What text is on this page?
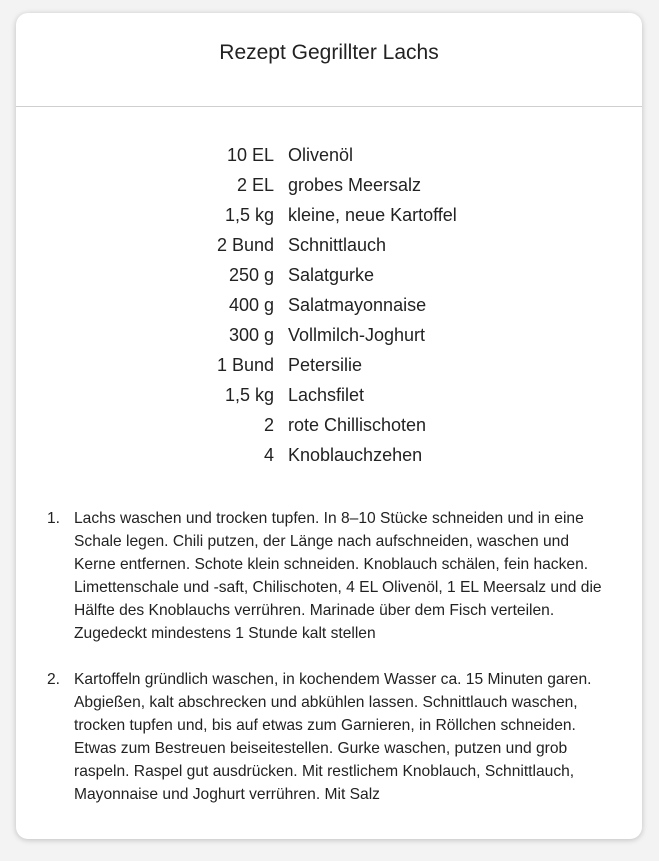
Rezept Gegrillter Lachs
10 EL Olivenöl
2 EL grobes Meersalz
1,5 kg kleine, neue Kartoffel
2 Bund Schnittlauch
250 g Salatgurke
400 g Salatmayonnaise
300 g Vollmilch-Joghurt
1 Bund Petersilie
1,5 kg Lachsfilet
2 rote Chillischoten
4 Knoblauchzehen
1. Lachs waschen und trocken tupfen. In 8–10 Stücke schneiden und in eine Schale legen. Chili putzen, der Länge nach aufschneiden, waschen und Kerne entfernen. Schote klein schneiden. Knoblauch schälen, fein hacken. Limettenschale und -saft, Chilischoten, 4 EL Olivenöl, 1 EL Meersalz und die Hälfte des Knoblauchs verrühren. Marinade über dem Fisch verteilen. Zugedeckt mindestens 1 Stunde kalt stellen
2. Kartoffeln gründlich waschen, in kochendem Wasser ca. 15 Minuten garen. Abgießen, kalt abschrecken und abkühlen lassen. Schnittlauch waschen, trocken tupfen und, bis auf etwas zum Garnieren, in Röllchen schneiden. Etwas zum Bestreuen beiseitestellen. Gurke waschen, putzen und grob raspeln. Raspel gut ausdrücken. Mit restlichem Knoblauch, Schnittlauch, Mayonnaise und Joghurt verrühren. Mit Salz
